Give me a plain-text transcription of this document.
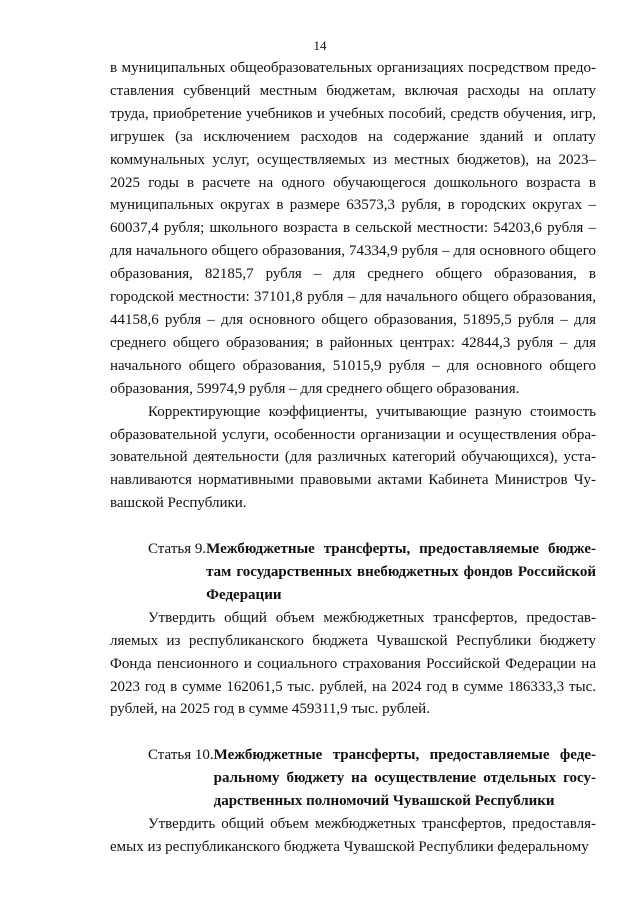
14

в муниципальных общеобразовательных организациях посредством предоставления субвенций местным бюджетам, включая расходы на оплату труда, приобретение учебников и учебных пособий, средств обучения, игр, игрушек (за исключением расходов на содержание зданий и оплату коммунальных услуг, осуществляемых из местных бюджетов), на 2023–2025 годы в расчете на одного обучающегося дошкольного возраста в муниципальных округах в размере 63573,3 рубля, в городских округах – 60037,4 рубля; школьного возраста в сельской местности: 54203,6 рубля – для начального общего образования, 74334,9 рубля – для основного общего образования, 82185,7 рубля – для среднего общего образования, в городской местности: 37101,8 рубля – для начального общего образования, 44158,6 рубля – для основного общего образования, 51895,5 рубля – для среднего общего образования; в районных центрах: 42844,3 рубля – для начального общего образования, 51015,9 рубля – для основного общего образования, 59974,9 рубля – для среднего общего образования.

Корректирующие коэффициенты, учитывающие разную стоимость образовательной услуги, особенности организации и осуществления образовательной деятельности (для различных категорий обучающихся), устанавливаются нормативными правовыми актами Кабинета Министров Чувашской Республики.

Статья 9. Межбюджетные трансферты, предоставляемые бюджетам государственных внебюджетных фондов Российской Федерации

Утвердить общий объем межбюджетных трансфертов, предоставляемых из республиканского бюджета Чувашской Республики бюджету Фонда пенсионного и социального страхования Российской Федерации на 2023 год в сумме 162061,5 тыс. рублей, на 2024 год в сумме 186333,3 тыс. рублей, на 2025 год в сумме 459311,9 тыс. рублей.

Статья 10. Межбюджетные трансферты, предоставляемые федеральному бюджету на осуществление отдельных государственных полномочий Чувашской Республики

Утвердить общий объем межбюджетных трансфертов, предоставляемых из республиканского бюджета Чувашской Республики федеральному
